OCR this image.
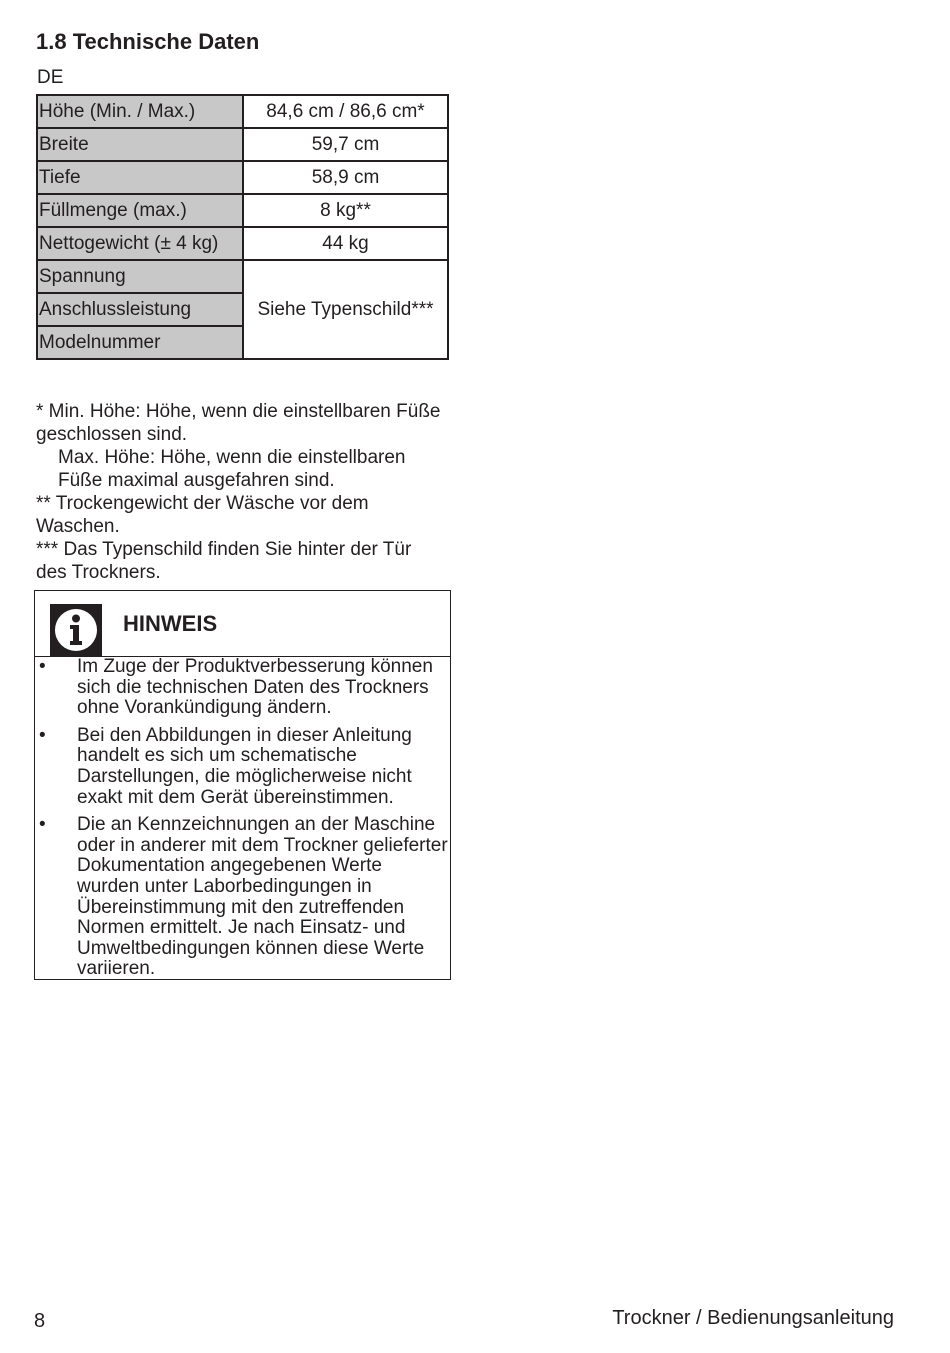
1.8 Technische Daten
DE
Höhe (Min. / Max.)	84,6 cm / 86,6 cm*
Breite	59,7 cm
Tiefe	58,9 cm
Füllmenge (max.)	8 kg**
Nettogewicht (± 4 kg)	44 kg
Spannung	Siehe Typenschild***
Anschlussleistung	
Modelnummer	

* Min. Höhe: Höhe, wenn die einstellbaren Füße geschlossen sind.

Max. Höhe: Höhe, wenn die einstellbaren Füße maximal ausgefahren sind.

** Trockengewicht der Wäsche vor dem Waschen.

*** Das Typenschild finden Sie hinter der Tür des Trockners.

HINWEIS
• Im Zuge der Produktverbesserung können sich die technischen Daten des Trockners ohne Vorankündigung ändern.
• Bei den Abbildungen in dieser Anleitung handelt es sich um schematische Darstellungen, die möglicherweise nicht exakt mit dem Gerät übereinstimmen.
• Die an Kennzeichnungen an der Maschine oder in anderer mit dem Trockner gelieferter Dokumentation angegebenen Werte wurden unter Laborbedingungen in Übereinstimmung mit den zutreffenden Normen ermittelt. Je nach Einsatz- und Umweltbedingungen können diese Werte variieren.
8	Trockner / Bedienungsanleitung
